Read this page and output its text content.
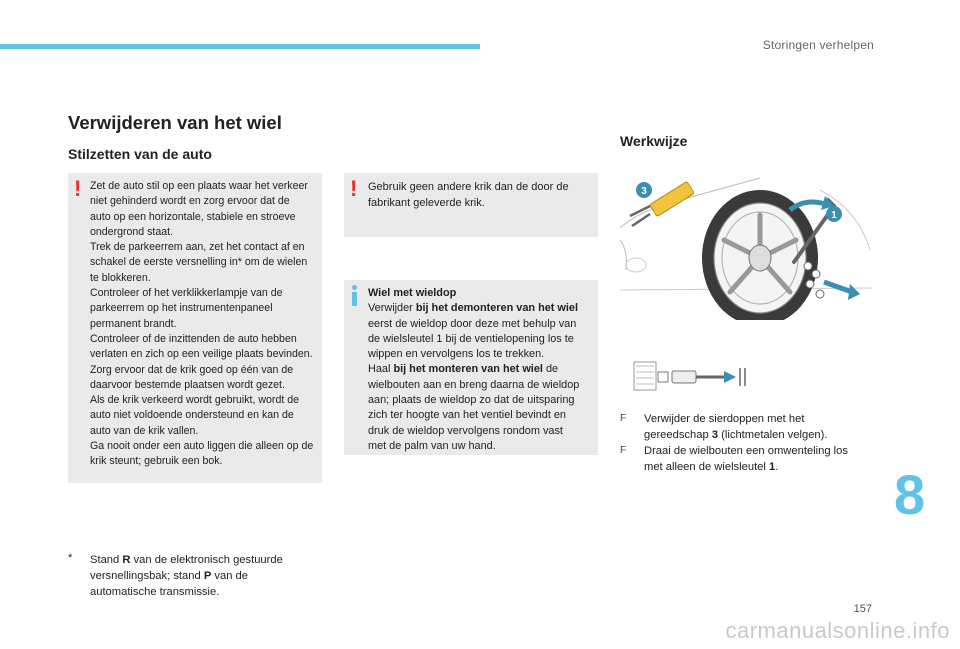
Storingen verhelpen
Verwijderen van het wiel
Stilzetten van de auto
Werkwijze
! Zet de auto stil op een plaats waar het verkeer
niet gehinderd wordt en zorg ervoor dat de
auto op een horizontale, stabiele en stroeve
ondergrond staat.
Trek de parkeerrem aan, zet het contact af en
schakel de eerste versnelling in* om de wielen
te blokkeren.
Controleer of het verklikkerlampje van de
parkeerrem op het instrumentenpaneel
permanent brandt.
Controleer of de inzittenden de auto hebben
verlaten en zich op een veilige plaats bevinden.
Zorg ervoor dat de krik goed op één van de
daarvoor bestemde plaatsen wordt gezet.
Als de krik verkeerd wordt gebruikt, wordt de
auto niet voldoende ondersteund en kan de
auto van de krik vallen.
Ga nooit onder een auto liggen die alleen op de
krik steunt; gebruik een bok.
! Gebruik geen andere krik dan de door de
fabrikant geleverde krik.
Wiel met wieldop
Verwijder bij het demonteren van het wiel
eerst de wieldop door deze met behulp van
de wielsleutel 1 bij de ventielopening los te
wippen en vervolgens los te trekken.
Haal bij het monteren van het wiel de
wielbouten aan en breng daarna de wieldop
aan; plaats de wieldop zo dat de uitsparing
zich ter hoogte van het ventiel bevindt en
druk de wieldop vervolgens rondom vast
met de palm van uw hand.
* Stand R van de elektronisch gestuurde
versnellingsbak; stand P van de
automatische transmissie.
3
1
F Verwijder de sierdoppen met het
gereedschap 3 (lichtmetalen velgen).
F Draai de wielbouten een omwenteling los
met alleen de wielsleutel 1.	8
157
carmanualsonline.info
